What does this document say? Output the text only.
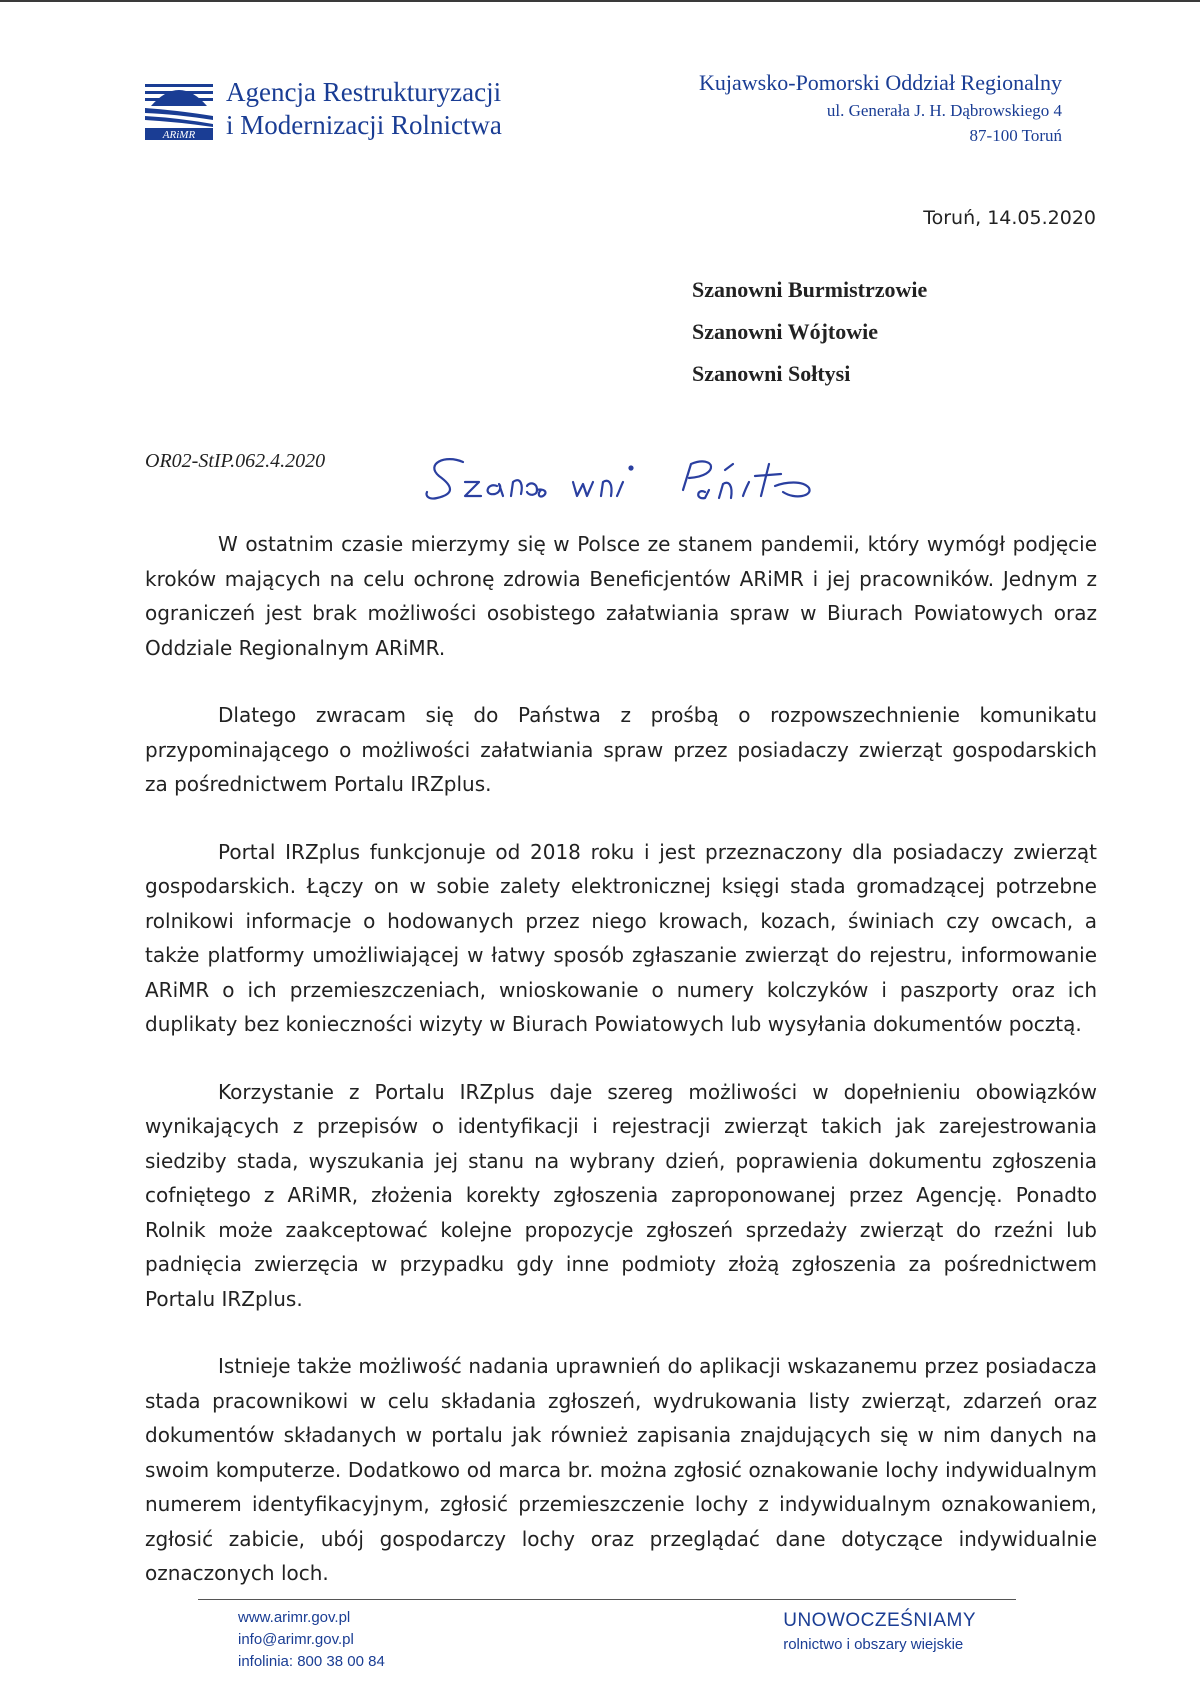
ARiMR
Agencja Restrukturyzacji
i Modernizacji Rolnictwa
Kujawsko-Pomorski Oddział Regionalny
ul. Generała J. H. Dąbrowskiego 4
87-100 Toruń
Toruń, 14.05.2020
Szanowni Burmistrzowie
Szanowni Wójtowie
Szanowni Sołtysi
OR02-StIP.062.4.2020

W ostatnim czasie mierzymy się w Polsce ze stanem pandemii, który wymógł podjęcie kroków mających na celu ochronę zdrowia Beneficjentów ARiMR i jej pracowników. Jednym z ograniczeń jest brak możliwości osobistego załatwiania spraw w Biurach Powiatowych oraz Oddziale Regionalnym ARiMR.

Dlatego zwracam się do Państwa z prośbą o rozpowszechnienie komunikatu przypominającego o możliwości załatwiania spraw przez posiadaczy zwierząt gospodarskich za pośrednictwem Portalu IRZplus.

Portal IRZplus funkcjonuje od 2018 roku i jest przeznaczony dla posiadaczy zwierząt gospodarskich. Łączy on w sobie zalety elektronicznej księgi stada gromadzącej potrzebne rolnikowi informacje o hodowanych przez niego krowach, kozach, świniach czy owcach, a także platformy umożliwiającej w łatwy sposób zgłaszanie zwierząt do rejestru, informowanie ARiMR o ich przemieszczeniach, wnioskowanie o numery kolczyków i paszporty oraz ich duplikaty bez konieczności wizyty w Biurach Powiatowych lub wysyłania dokumentów pocztą.

Korzystanie z Portalu IRZplus daje szereg możliwości w dopełnieniu obowiązków wynikających z przepisów o identyfikacji i rejestracji zwierząt takich jak zarejestrowania siedziby stada, wyszukania jej stanu na wybrany dzień, poprawienia dokumentu zgłoszenia cofniętego z ARiMR, złożenia korekty zgłoszenia zaproponowanej przez Agencję. Ponadto Rolnik może zaakceptować kolejne propozycje zgłoszeń sprzedaży zwierząt do rzeźni lub padnięcia zwierzęcia w przypadku gdy inne podmioty złożą zgłoszenia za pośrednictwem Portalu IRZplus.

Istnieje także możliwość nadania uprawnień do aplikacji wskazanemu przez posiadacza stada pracownikowi w celu składania zgłoszeń, wydrukowania listy zwierząt, zdarzeń oraz dokumentów składanych w portalu jak również zapisania znajdujących się w nim danych na swoim komputerze. Dodatkowo od marca br. można zgłosić oznakowanie lochy indywidualnym numerem identyfikacyjnym, zgłosić przemieszczenie lochy z indywidualnym oznakowaniem, zgłosić zabicie, ubój gospodarczy lochy oraz przeglądać dane dotyczące indywidualnie oznaczonych loch.

www.arimr.gov.pl
info@arimr.gov.pl
infolinia: 800 38 00 84
UNOWOCZEŚNIAMY
rolnictwo i obszary wiejskie
